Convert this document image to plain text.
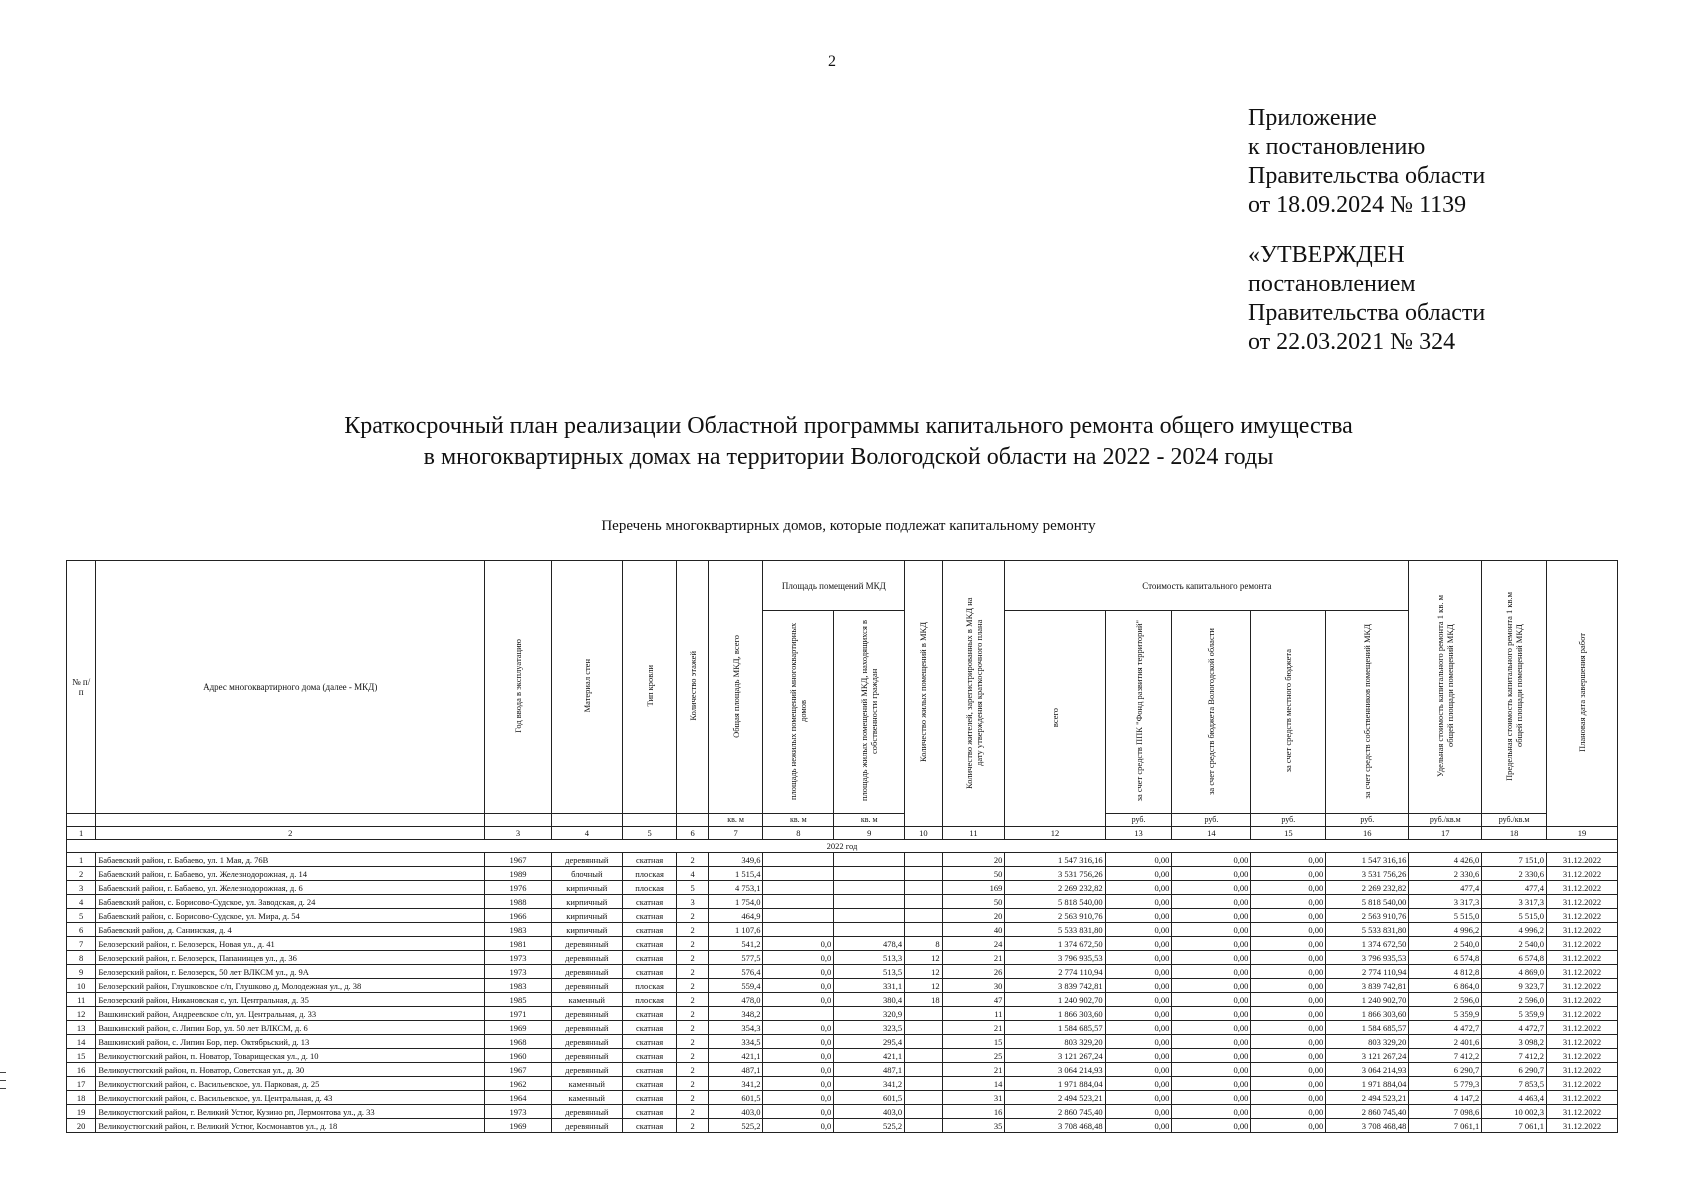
2
Приложение
к постановлению
Правительства области
от 18.09.2024 № 1139
«УТВЕРЖДЕН
постановлением
Правительства области
от 22.03.2021 № 324
Краткосрочный план реализации Областной программы капитального ремонта общего имущества
в многоквартирных домах на территории Вологодской области на 2022 - 2024 годы
Перечень многоквартирных домов, которые подлежат капитальному ремонту
№ п/п	Адрес многоквартирного дома (далее - МКД)	Год ввода в эксплуатацию	Материал стен	Тип кровли	Количество этажей	Общая площадь МКД, всего	Площадь помещений МКД		Количество жилых помещений в МКД	Количество жителей, зарегистрированных в МКД на дату утверждения краткосрочного плана	Стоимость капитального ремонта					Удельная стоимость капитального ремонта 1 кв. м общей площади помещений МКД	Предельная стоимость капитального ремонта 1 кв.м общей площади помещений МКД	Плановая дата завершения работ
							площадь нежилых помещений многоквартирных домов	площадь жилых помещений МКД, находящихся в собственности граждан			всего	за счет средств ППК "Фонд развития территорий"	за счет средств бюджета Вологодской области	за счет средств местного бюджета	за счет средств собственников помещений МКД			
						кв. м	кв. м	кв. м				руб.	руб.	руб.	руб.	руб./кв.м	руб./кв.м	
1	2	3	4	5	6	7	8	9	10	11	12	13	14	15	16	17	18	19
2022 год																		
1	Бабаевский район, г. Бабаево, ул. 1 Мая, д. 76В	1967	деревянный	скатная	2	349,6				20	1 547 316,16	0,00	0,00	0,00	1 547 316,16	4 426,0	7 151,0	31.12.2022
2	Бабаевский район, г. Бабаево, ул. Железнодорожная, д. 14	1989	блочный	плоская	4	1 515,4				50	3 531 756,26	0,00	0,00	0,00	3 531 756,26	2 330,6	2 330,6	31.12.2022
3	Бабаевский район, г. Бабаево, ул. Железнодорожная, д. 6	1976	кирпичный	плоская	5	4 753,1				169	2 269 232,82	0,00	0,00	0,00	2 269 232,82	477,4	477,4	31.12.2022
4	Бабаевский район, с. Борисово-Судское, ул. Заводская, д. 24	1988	кирпичный	скатная	3	1 754,0				50	5 818 540,00	0,00	0,00	0,00	5 818 540,00	3 317,3	3 317,3	31.12.2022
5	Бабаевский район, с. Борисово-Судское, ул. Мира, д. 54	1966	кирпичный	скатная	2	464,9				20	2 563 910,76	0,00	0,00	0,00	2 563 910,76	5 515,0	5 515,0	31.12.2022
6	Бабаевский район, д. Санинская, д. 4	1983	кирпичный	скатная	2	1 107,6				40	5 533 831,80	0,00	0,00	0,00	5 533 831,80	4 996,2	4 996,2	31.12.2022
7	Белозерский район, г. Белозерск, Новая ул., д. 41	1981	деревянный	скатная	2	541,2	0,0	478,4	8	24	1 374 672,50	0,00	0,00	0,00	1 374 672,50	2 540,0	2 540,0	31.12.2022
8	Белозерский район, г. Белозерск, Папанинцев ул., д. 36	1973	деревянный	скатная	2	577,5	0,0	513,3	12	21	3 796 935,53	0,00	0,00	0,00	3 796 935,53	6 574,8	6 574,8	31.12.2022
9	Белозерский район, г. Белозерск, 50 лет ВЛКСМ ул., д. 9А	1973	деревянный	скатная	2	576,4	0,0	513,5	12	26	2 774 110,94	0,00	0,00	0,00	2 774 110,94	4 812,8	4 869,0	31.12.2022
10	Белозерский район, Глушковское с/п, Глушково д, Молодежная ул., д. 38	1983	деревянный	плоская	2	559,4	0,0	331,1	12	30	3 839 742,81	0,00	0,00	0,00	3 839 742,81	6 864,0	9 323,7	31.12.2022
11	Белозерский район, Никановская с, ул. Центральная, д. 35	1985	каменный	плоская	2	478,0	0,0	380,4	18	47	1 240 902,70	0,00	0,00	0,00	1 240 902,70	2 596,0	2 596,0	31.12.2022
12	Вашкинский район, Андреевское с/п, ул. Центральная, д. 33	1971	деревянный	скатная	2	348,2		320,9		11	1 866 303,60	0,00	0,00	0,00	1 866 303,60	5 359,9	5 359,9	31.12.2022
13	Вашкинский район, с. Липин Бор, ул. 50 лет ВЛКСМ, д. 6	1969	деревянный	скатная	2	354,3	0,0	323,5		21	1 584 685,57	0,00	0,00	0,00	1 584 685,57	4 472,7	4 472,7	31.12.2022
14	Вашкинский район, с. Липин Бор, пер. Октябрьский, д. 13	1968	деревянный	скатная	2	334,5	0,0	295,4		15	803 329,20	0,00	0,00	0,00	803 329,20	2 401,6	3 098,2	31.12.2022
15	Великоустюгский район, п. Новатор, Товарищеская ул., д. 10	1960	деревянный	скатная	2	421,1	0,0	421,1		25	3 121 267,24	0,00	0,00	0,00	3 121 267,24	7 412,2	7 412,2	31.12.2022
16	Великоустюгский район, п. Новатор, Советская ул., д. 30	1967	деревянный	скатная	2	487,1	0,0	487,1		21	3 064 214,93	0,00	0,00	0,00	3 064 214,93	6 290,7	6 290,7	31.12.2022
17	Великоустюгский район, с. Васильевское, ул. Парковая, д. 25	1962	каменный	скатная	2	341,2	0,0	341,2		14	1 971 884,04	0,00	0,00	0,00	1 971 884,04	5 779,3	7 853,5	31.12.2022
18	Великоустюгский район, с. Васильевское, ул. Центральная, д. 43	1964	каменный	скатная	2	601,5	0,0	601,5		31	2 494 523,21	0,00	0,00	0,00	2 494 523,21	4 147,2	4 463,4	31.12.2022
19	Великоустюгский район, г. Великий Устюг, Кузино рп, Лермонтова ул., д. 33	1973	деревянный	скатная	2	403,0	0,0	403,0		16	2 860 745,40	0,00	0,00	0,00	2 860 745,40	7 098,6	10 002,3	31.12.2022
20	Великоустюгский район, г. Великий Устюг, Космонавтов ул., д. 18	1969	деревянный	скатная	2	525,2	0,0	525,2		35	3 708 468,48	0,00	0,00	0,00	3 708 468,48	7 061,1	7 061,1	31.12.2022
